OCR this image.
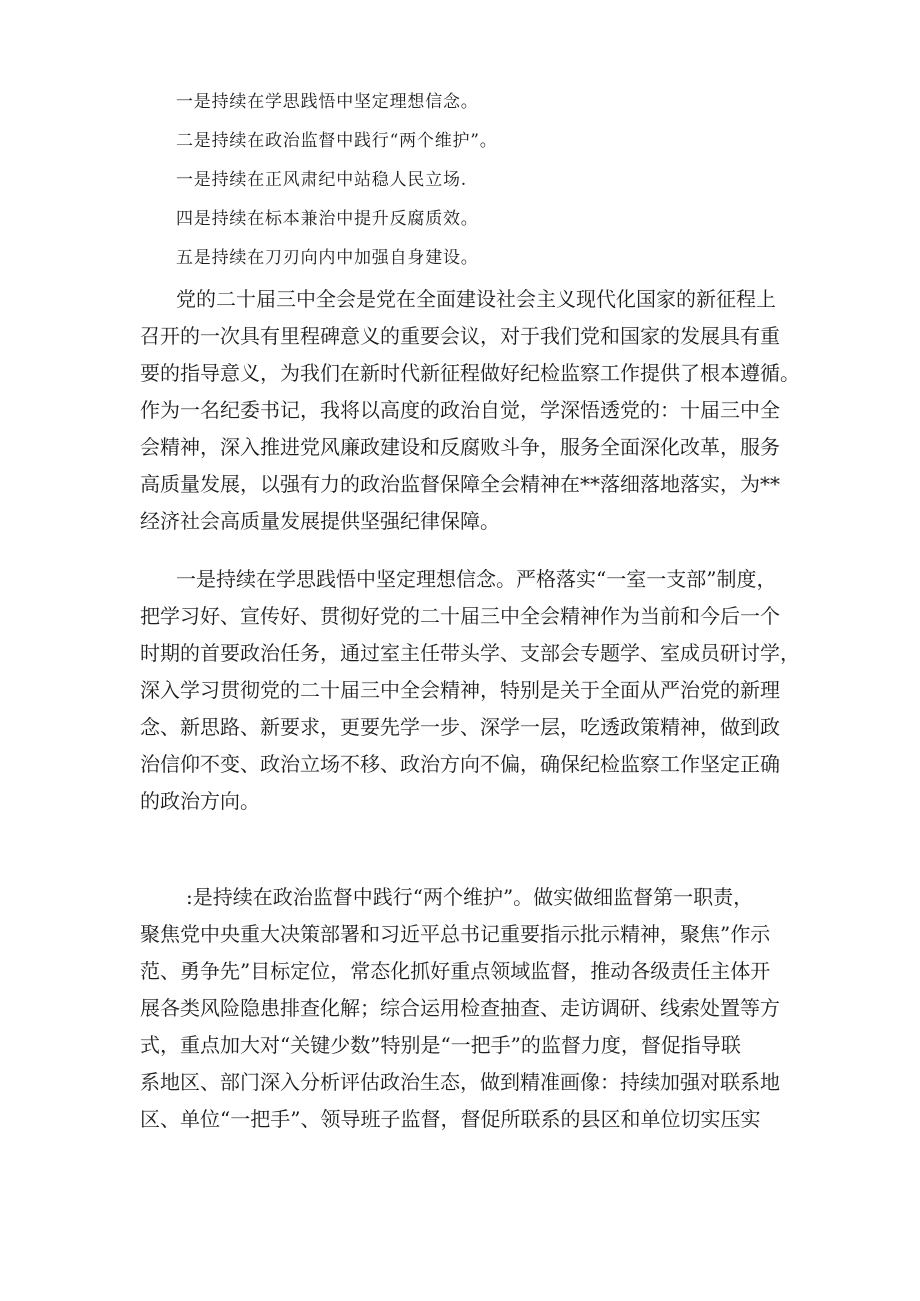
一是持续在学思践悟中坚定理想信念。

二是持续在政治监督中践行“两个维护”。

一是持续在正风肃纪中站稳人民立场.

四是持续在标本兼治中提升反腐质效。

五是持续在刀刃向内中加强自身建设。

党的二十届三中全会是党在全面建设社会主义现代化国家的新征程上

召开的一次具有里程碑意义的重要会议，对于我们党和国家的发展具有重

要的指导意义，为我们在新时代新征程做好纪检监察工作提供了根本遵循。

作为一名纪委书记，我将以高度的政治自觉，学深悟透党的：十届三中全

会精神，深入推进党风廉政建设和反腐败斗争，服务全面深化改革，服务

高质量发展，以强有力的政治监督保障全会精神在**落细落地落实，为**

经济社会高质量发展提供坚强纪律保障。

一是持续在学思践悟中坚定理想信念。严格落实“一室一支部”制度，

把学习好、宣传好、贯彻好党的二十届三中全会精神作为当前和今后一个

时期的首要政治任务，通过室主任带头学、支部会专题学、室成员研讨学，

深入学习贯彻党的二十届三中全会精神，特别是关于全面从严治党的新理

念、新思路、新要求，更要先学一步、深学一层，吃透政策精神，做到政

治信仰不变、政治立场不移、政治方向不偏，确保纪检监察工作坚定正确

的政治方向。

:是持续在政治监督中践行“两个维护”。做实做细监督第一职责，

聚焦党中央重大决策部署和习近平总书记重要指示批示精神，聚焦”作示

范、勇争先”目标定位，常态化抓好重点领域监督，推动各级责任主体开

展各类风险隐患排查化解；综合运用检查抽查、走访调研、线索处置等方

式，重点加大对“关键少数”特别是“一把手”的监督力度，督促指导联

系地区、部门深入分析评估政治生态，做到精准画像：持续加强对联系地

区、单位“一把手”、领导班子监督，督促所联系的县区和单位切实压实
